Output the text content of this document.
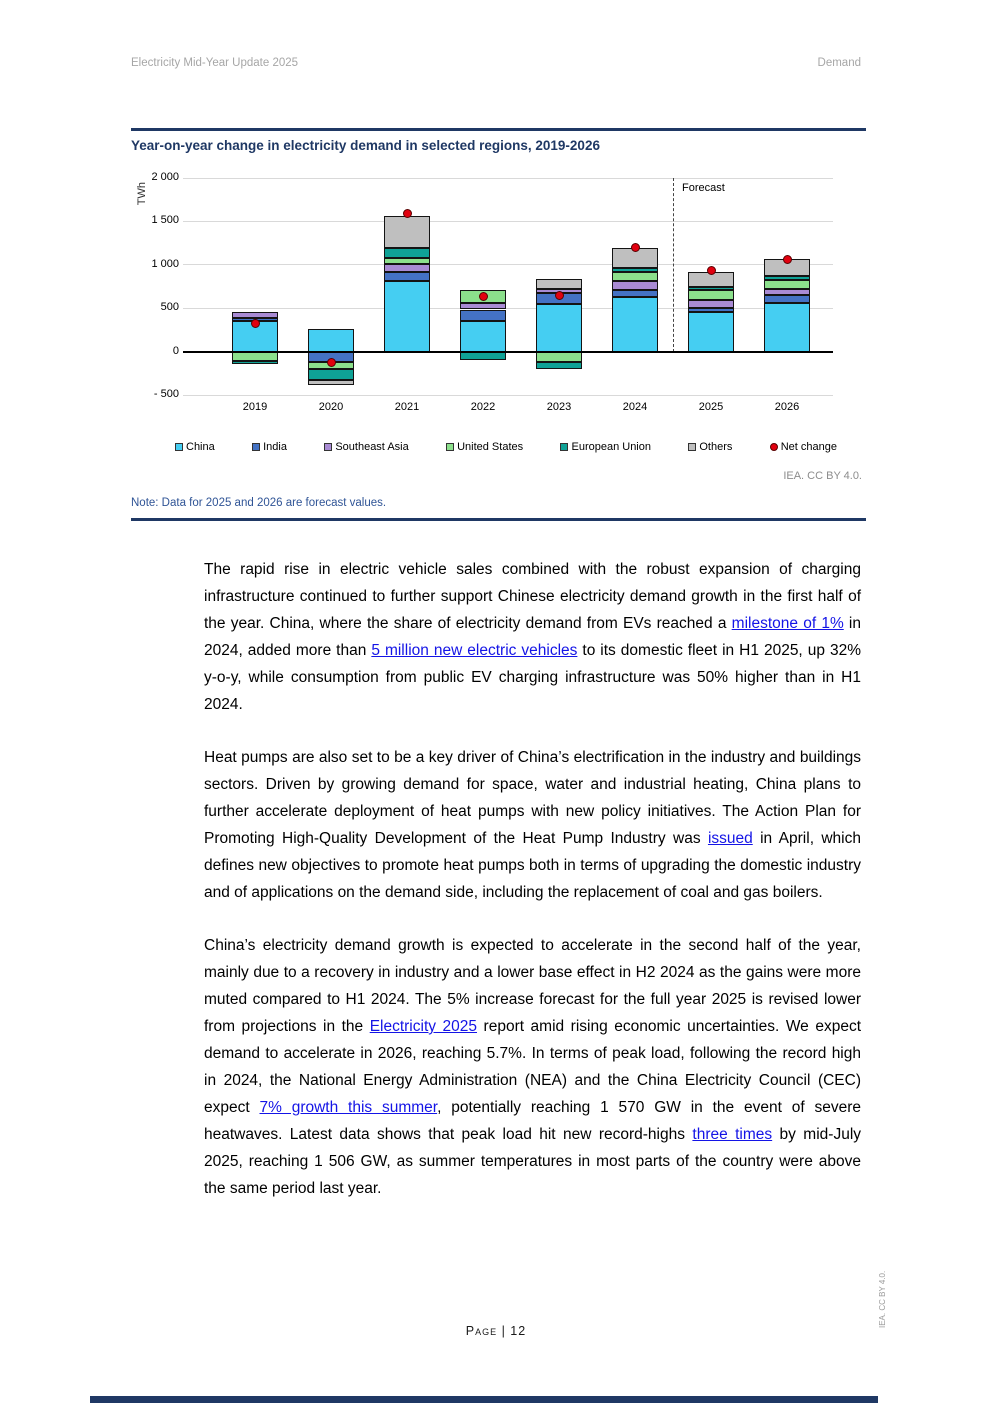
Electricity Mid-Year Update 2025	Demand
Year-on-year change in electricity demand in selected regions, 2019-2026
TWh
2 000
1 500
1 000
500
0
- 500
Forecast
2019	2020	2021	2022	2023	2024	2025	2026
China	India	Southeast Asia	United States	European Union	Others	Net change
IEA. CC BY 4.0.
Note: Data for 2025 and 2026 are forecast values.

The rapid rise in electric vehicle sales combined with the robust expansion of charging infrastructure continued to further support Chinese electricity demand growth in the first half of the year. China, where the share of electricity demand from EVs reached a milestone of 1% in 2024, added more than 5 million new electric vehicles to its domestic fleet in H1 2025, up 32% y-o-y, while consumption from public EV charging infrastructure was 50% higher than in H1 2024.

Heat pumps are also set to be a key driver of China’s electrification in the industry and buildings sectors. Driven by growing demand for space, water and industrial heating, China plans to further accelerate deployment of heat pumps with new policy initiatives. The Action Plan for Promoting High-Quality Development of the Heat Pump Industry was issued in April, which defines new objectives to promote heat pumps both in terms of upgrading the domestic industry and of applications on the demand side, including the replacement of coal and gas boilers.

China’s electricity demand growth is expected to accelerate in the second half of the year, mainly due to a recovery in industry and a lower base effect in H2 2024 as the gains were more muted compared to H1 2024. The 5% increase forecast for the full year 2025 is revised lower from projections in the Electricity 2025 report amid rising economic uncertainties. We expect demand to accelerate in 2026, reaching 5.7%. In terms of peak load, following the record high in 2024, the National Energy Administration (NEA) and the China Electricity Council (CEC) expect 7% growth this summer, potentially reaching 1 570 GW in the event of severe heatwaves. Latest data shows that peak load hit new record-highs three times by mid-July 2025, reaching 1 506 GW, as summer temperatures in most parts of the country were above the same period last year.

Page | 12
IEA. CC BY 4.0.
